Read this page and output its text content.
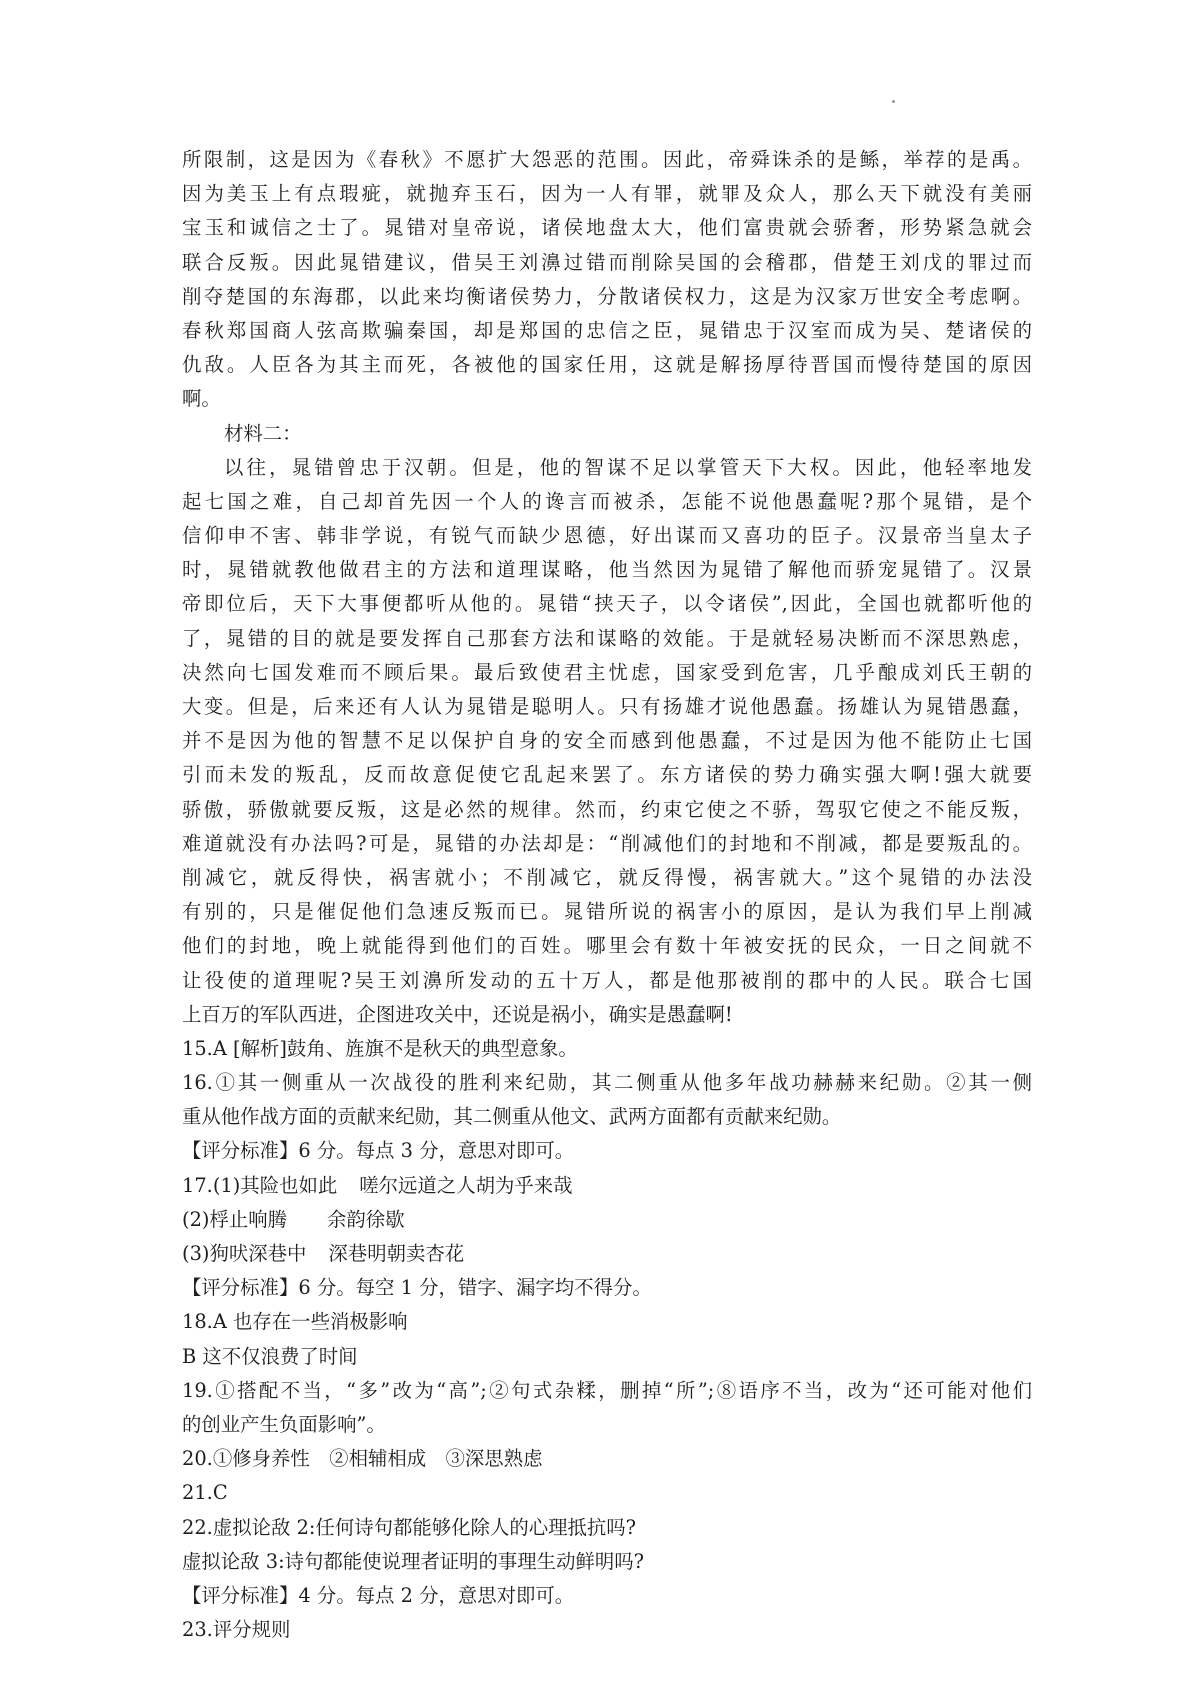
所限制，这是因为《春秋》不愿扩大怨恶的范围。因此，帝舜诛杀的是鲧，举荐的是禹。
因为美玉上有点瑕疵，就抛弃玉石，因为一人有罪，就罪及众人，那么天下就没有美丽
宝玉和诚信之士了。晁错对皇帝说，诸侯地盘太大，他们富贵就会骄奢，形势紧急就会
联合反叛。因此晁错建议，借吴王刘濞过错而削除吴国的会稽郡，借楚王刘戊的罪过而
削夺楚国的东海郡，以此来均衡诸侯势力，分散诸侯权力，这是为汉家万世安全考虑啊。
春秋郑国商人弦高欺骗秦国，却是郑国的忠信之臣，晁错忠于汉室而成为吴、楚诸侯的
仇敌。人臣各为其主而死，各被他的国家任用，这就是解扬厚待晋国而慢待楚国的原因
啊。
材料二：
以往，晁错曾忠于汉朝。但是，他的智谋不足以掌管天下大权。因此，他轻率地发
起七国之难，自己却首先因一个人的谗言而被杀，怎能不说他愚蠢呢?那个晁错，是个
信仰申不害、韩非学说，有锐气而缺少恩德，好出谋而又喜功的臣子。汉景帝当皇太子
时，晁错就教他做君主的方法和道理谋略，他当然因为晁错了解他而骄宠晁错了。汉景
帝即位后，天下大事便都听从他的。晁错“挟天子，以令诸侯”,因此，全国也就都听他的
了，晁错的目的就是要发挥自己那套方法和谋略的效能。于是就轻易决断而不深思熟虑，
决然向七国发难而不顾后果。最后致使君主忧虑，国家受到危害，几乎酿成刘氏王朝的
大变。但是，后来还有人认为晁错是聪明人。只有扬雄才说他愚蠢。扬雄认为晁错愚蠢，
并不是因为他的智慧不足以保护自身的安全而感到他愚蠢，不过是因为他不能防止七国
引而未发的叛乱，反而故意促使它乱起来罢了。东方诸侯的势力确实强大啊!强大就要
骄傲，骄傲就要反叛，这是必然的规律。然而，约束它使之不骄，驾驭它使之不能反叛，
难道就没有办法吗?可是，晁错的办法却是：“削减他们的封地和不削减，都是要叛乱的。
削减它，就反得快，祸害就小；不削减它，就反得慢，祸害就大。”这个晁错的办法没
有别的，只是催促他们急速反叛而已。晁错所说的祸害小的原因，是认为我们早上削减
他们的封地，晚上就能得到他们的百姓。哪里会有数十年被安抚的民众，一日之间就不
让役使的道理呢?吴王刘濞所发动的五十万人，都是他那被削的郡中的人民。联合七国
上百万的军队西进，企图进攻关中，还说是祸小，确实是愚蠢啊!
15.A [解析]鼓角、旌旗不是秋天的典型意象。
16.①其一侧重从一次战役的胜利来纪勋，其二侧重从他多年战功赫赫来纪勋。②其一侧
重从他作战方面的贡献来纪勋，其二侧重从他文、武两方面都有贡献来纪勋。
【评分标准】6 分。每点 3 分，意思对即可。
17.(1)其险也如此 嗟尔远道之人胡为乎来哉
(2)桴止响腾 余韵徐歇
(3)狗吠深巷中 深巷明朝卖杏花
【评分标准】6 分。每空 1 分，错字、漏字均不得分。
18.A 也存在一些消极影响
B 这不仅浪费了时间
19.①搭配不当，“多”改为“高”;②句式杂糅，删掉“所”;⑧语序不当，改为“还可能对他们
的创业产生负面影响”。
20.①修身养性　②相辅相成　③深思熟虑
21.C
22.虚拟论敌 2:任何诗句都能够化除人的心理抵抗吗?
虚拟论敌 3:诗句都能使说理者证明的事理生动鲜明吗?
【评分标准】4 分。每点 2 分，意思对即可。
23.评分规则
